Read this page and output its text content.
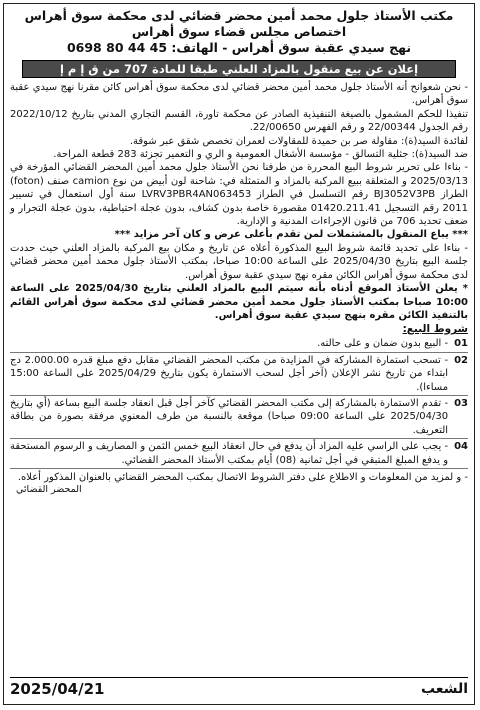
مكتب الأستاذ جلول محمد أمين محضر قضائي لدى محكمة سوق أهراس
اختصاص مجلس قضاء سوق أهراس
نهج سيدي عقبة سوق أهراس - الهاتف: 45 44 80 0698
إعلان عن بيع منقول بالمزاد العلني طبقا للمادة 707 من ق إ م إ

- نحن شعوانح أنه الأستاذ جلول محمد أمين محضر قضائي لدى محكمة سوق أهراس كائن مقرنا نهج سيدي عقبة سوق أهراس.

تنفيذا للحكم المشمول بالصيغة التنفيذية الصادر عن محكمة تاورة، القسم التجاري المدني بتاريخ 2022/10/12 رقم الجدول 22/00344 و رقم الفهرس 22/00650.

لفائدة السيد(ة): مقاولة صر بن حميدة للمقاولات لعمران تخصص شقق عبر شوقة.

ضد السيد(ة): جثلية التسالق - مؤسسة الأشغال العمومية و الري و التعمير تجزئة 283 قطعة المراحة.

- بناءا على تحرير شروط البيع المحررة من طرفنا نحن الأستاذ جلول محمد أمين المحضر القضائي المؤرخة في 2025/03/13 و المتعلقة ببيع المركبة بالمزاد و المتمثلة في: شاحنة لون أبيض من نوع camion صنف (foton) الطراز BJ3052V3PB رقم التسلسل في الطراز LVRV3PBR4AN063453 سنة أول استعمال في تسيير 2011 رقم التسجيل 01420.211.41 مقصورة خاصة بدون كشاف، بدون عجلة احتياطية، بدون عجلة التجرار و ضعف تحديد 706 من قانون الإجراءات المدنية و الإدارية.

*** يباع المنقول بالمشتملات لمن تقدم بأعلى عرض و كان آخر مزايد ***

- بناءا على تحديد قائمة شروط البيع المذكورة أعلاه عن تاريخ و مكان بيع المركبة بالمزاد العلني حيث حددت جلسة البيع بتاريخ 2025/04/30 على الساعة 10:00 صباحا، بمكتب الأستاذ جلول محمد أمين محضر قضائي لدى محكمة سوق أهراس الكائن مقره نهج سيدي عقبة سوق أهراس.

* يعلن الأستاذ الموقع أدناه بأنه سيتم البيع بالمزاد العلني بتاريخ 2025/04/30 على الساعة 10:00 صباحا بمكتب الأستاذ جلول محمد أمين محضر قضائي لدى محكمة سوق أهراس القائم بالتنفيذ الكائن مقره بنهج سيدي عقبة سوق أهراس.

شروط البيع:

01
- البيع بدون ضمان و على حالته.
02
- تسحب استمارة المشاركة في المزايدة من مكتب المحضر القضائي مقابل دفع مبلغ قدره 2.000.00 دج ابتداء من تاريخ نشر الإعلان (آخر أجل لسحب الاستمارة يكون بتاريخ 2025/04/29 على الساعة 15:00 مساءا).
03
- تقدم الاستمارة بالمشاركة إلى مكتب المحضر القضائي كآخر أجل قبل انعقاد جلسة البيع بساعة (أي بتاريخ 2025/04/30 على الساعة 09:00 صباحا) موقعة بالنسبة من طرف المعنوي مرفقة بصورة من بطاقة التعريف.
04
- يجب على الراسي عليه المزاد أن يدفع في حال انعقاد البيع خمس الثمن و المصاريف و الرسوم المستحقة و يدفع المبلغ المتبقي في أجل ثمانية (08) أيام بمكتب الأستاذ المحضر القضائي.
- و لمزيد من المعلومات و الاطلاع على دفتر الشروط الاتصال بمكتب المحضر القضائي بالعنوان المذكور أعلاه.
المحضر القضائي
الشعب
2025/04/21
